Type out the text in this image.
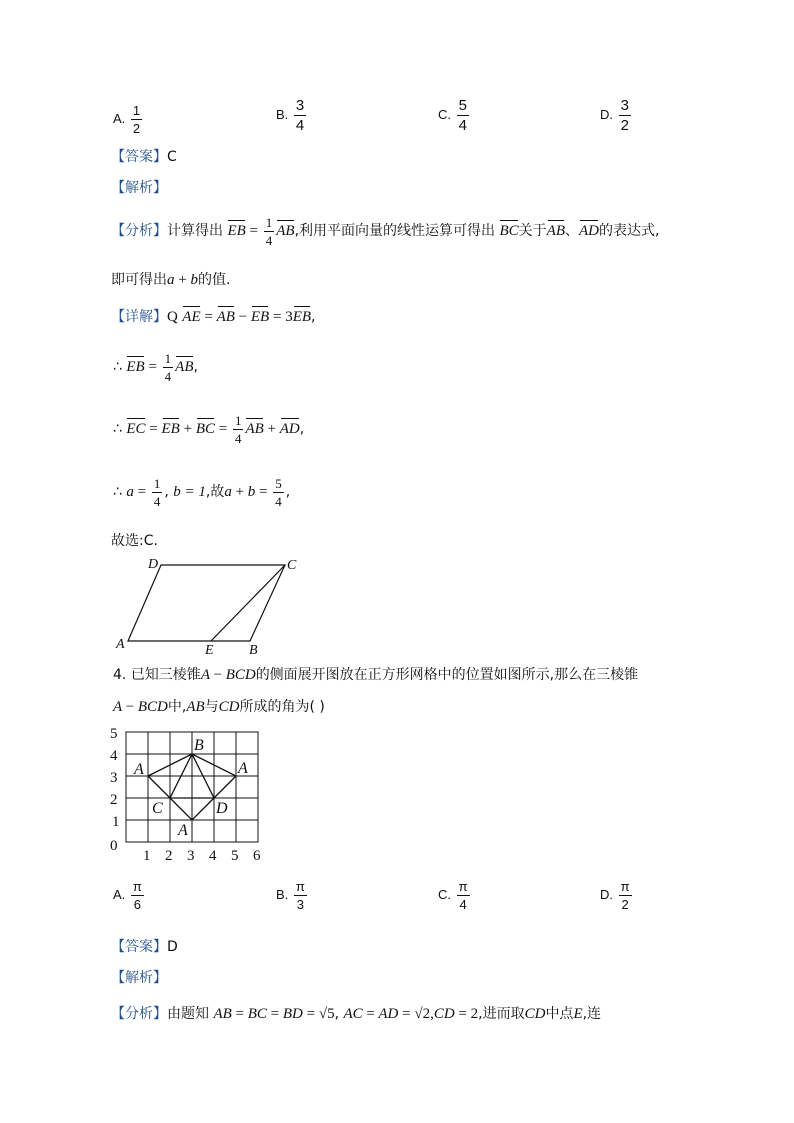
A. $\frac{1}{2}$	B. $\frac{3}{4}$	C. $\frac{5}{4}$	D. $\frac{3}{2}$
【答案】C
【解析】
【分析】计算得出 EB = $\frac{1}{4}$ AB,利用平面向量的线性运算可得出 BC关于AB、AD的表达式,
即可得出a + b的值.
【详解】Q AE = AB − EB = 3EB,
∴ EB = $\frac{1}{4}$ AB,
∴ EC = EB + BC = $\frac{1}{4}$ AB + AD,
∴ $a = \frac{1}{4}$ , b = 1,故$a + b = \frac{5}{4}$ ,
故选:C.
D	C
A	E	B
4. 已知三棱锥A − BCD的侧面展开图放在正方形网格中的位置如图所示,那么在三棱锥
A − BCD中,AB与CD所成的角为( )
5
4
3
2
1
0
1 2 3 4 5 6
B
A	A
C	D
A
A. $\frac{\pi}{6}$	B. $\frac{\pi}{3}$	C. $\frac{\pi}{4}$	D. $\frac{\pi}{2}$
【答案】D
【解析】
【分析】由题知 AB = BC = BD = √5, AC = AD = √2,CD = 2,进而取CD中点E,连
